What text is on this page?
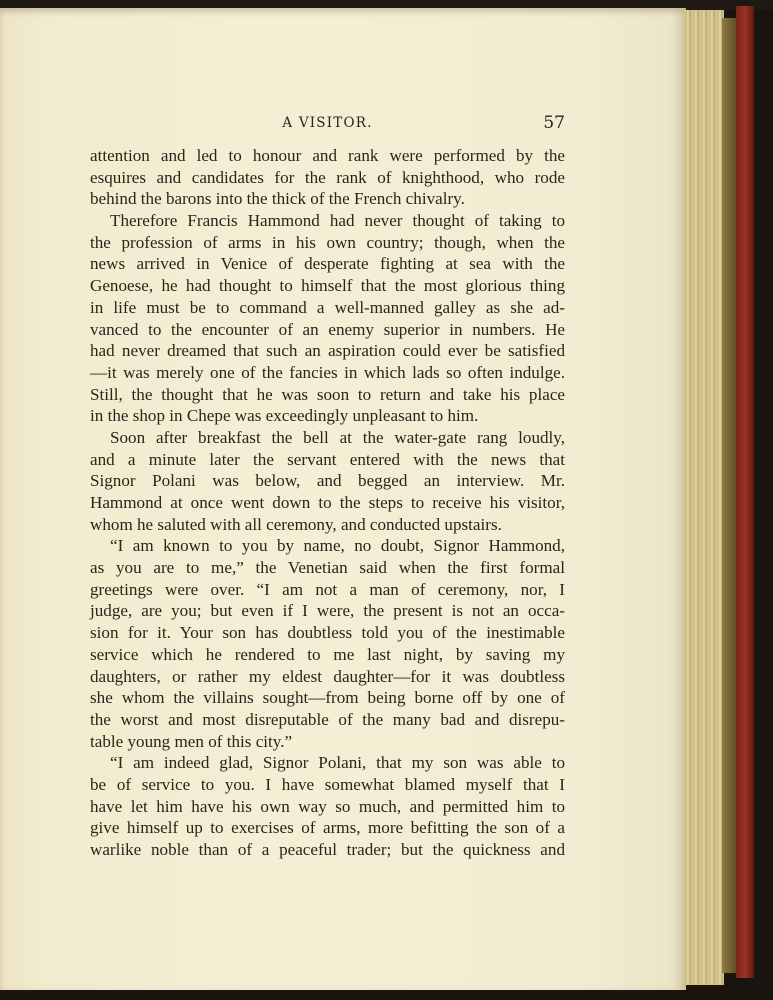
A VISITOR.	57
attention and led to honour and rank were performed by the
esquires and candidates for the rank of knighthood, who rode
behind the barons into the thick of the French chivalry.
Therefore Francis Hammond had never thought of taking to
the profession of arms in his own country; though, when the
news arrived in Venice of desperate fighting at sea with the
Genoese, he had thought to himself that the most glorious thing
in life must be to command a well-manned galley as she ad-
vanced to the encounter of an enemy superior in numbers. He
had never dreamed that such an aspiration could ever be satisfied
—it was merely one of the fancies in which lads so often indulge.
Still, the thought that he was soon to return and take his place
in the shop in Chepe was exceedingly unpleasant to him.
Soon after breakfast the bell at the water-gate rang loudly,
and a minute later the servant entered with the news that
Signor Polani was below, and begged an interview. Mr.
Hammond at once went down to the steps to receive his visitor,
whom he saluted with all ceremony, and conducted upstairs.
“I am known to you by name, no doubt, Signor Hammond,
as you are to me,” the Venetian said when the first formal
greetings were over. “I am not a man of ceremony, nor, I
judge, are you; but even if I were, the present is not an occa-
sion for it. Your son has doubtless told you of the inestimable
service which he rendered to me last night, by saving my
daughters, or rather my eldest daughter—for it was doubtless
she whom the villains sought—from being borne off by one of
the worst and most disreputable of the many bad and disrepu-
table young men of this city.”
“I am indeed glad, Signor Polani, that my son was able to
be of service to you. I have somewhat blamed myself that I
have let him have his own way so much, and permitted him to
give himself up to exercises of arms, more befitting the son of a
warlike noble than of a peaceful trader; but the quickness and
